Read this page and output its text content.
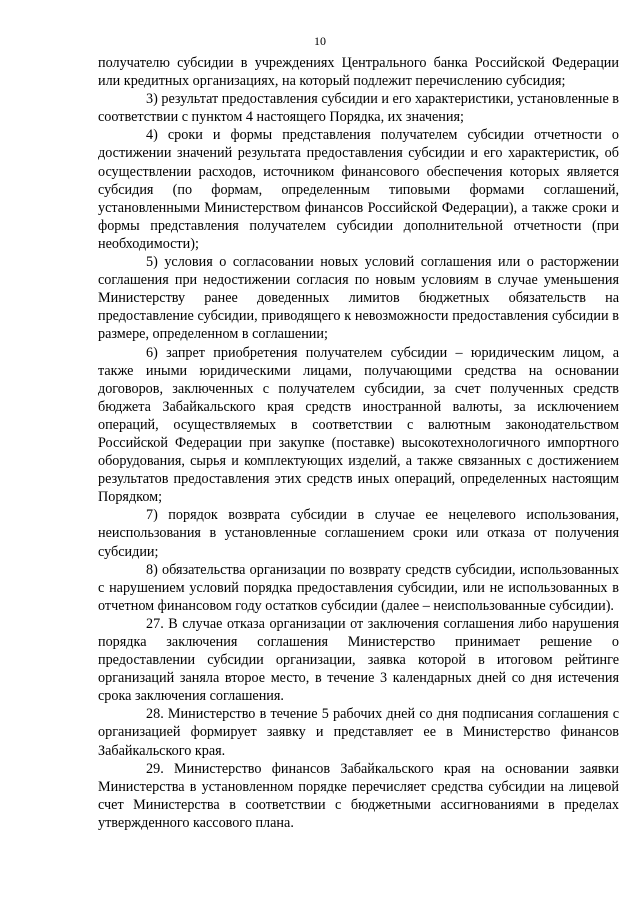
10

получателю субсидии в учреждениях Центрального банка Российской Федерации или кредитных организациях, на который подлежит перечислению субсидия;

3) результат предоставления субсидии и его характеристики, установленные в соответствии с пунктом 4 настоящего Порядка, их значения;

4) сроки и формы представления получателем субсидии отчетности о достижении значений результата предоставления субсидии и его характеристик, об осуществлении расходов, источником финансового обеспечения которых является субсидия (по формам, определенным типовыми формами соглашений, установленными Министерством финансов Российской Федерации), а также сроки и формы представления получателем субсидии дополнительной отчетности (при необходимости);

5) условия о согласовании новых условий соглашения или о расторжении соглашения при недостижении согласия по новым условиям в случае уменьшения Министерству ранее доведенных лимитов бюджетных обязательств на предоставление субсидии, приводящего к невозможности предоставления субсидии в размере, определенном в соглашении;

6) запрет приобретения получателем субсидии – юридическим лицом, а также иными юридическими лицами, получающими средства на основании договоров, заключенных с получателем субсидии, за счет полученных средств бюджета Забайкальского края средств иностранной валюты, за исключением операций, осуществляемых в соответствии с валютным законодательством Российской Федерации при закупке (поставке) высокотехнологичного импортного оборудования, сырья и комплектующих изделий, а также связанных с достижением результатов предоставления этих средств иных операций, определенных настоящим Порядком;

7) порядок возврата субсидии в случае ее нецелевого использования, неиспользования в установленные соглашением сроки или отказа от получения субсидии;

8) обязательства организации по возврату средств субсидии, использованных с нарушением условий порядка предоставления субсидии, или не использованных в отчетном финансовом году остатков субсидии (далее – неиспользованные субсидии).

27. В случае отказа организации от заключения соглашения либо нарушения порядка заключения соглашения Министерство принимает решение о предоставлении субсидии организации, заявка которой в итоговом рейтинге организаций заняла второе место, в течение 3 календарных дней со дня истечения срока заключения соглашения.

28. Министерство в течение 5 рабочих дней со дня подписания соглашения с организацией формирует заявку и представляет ее в Министерство финансов Забайкальского края.

29. Министерство финансов Забайкальского края на основании заявки Министерства в установленном порядке перечисляет средства субсидии на лицевой счет Министерства в соответствии с бюджетными ассигнованиями в пределах утвержденного кассового плана.
